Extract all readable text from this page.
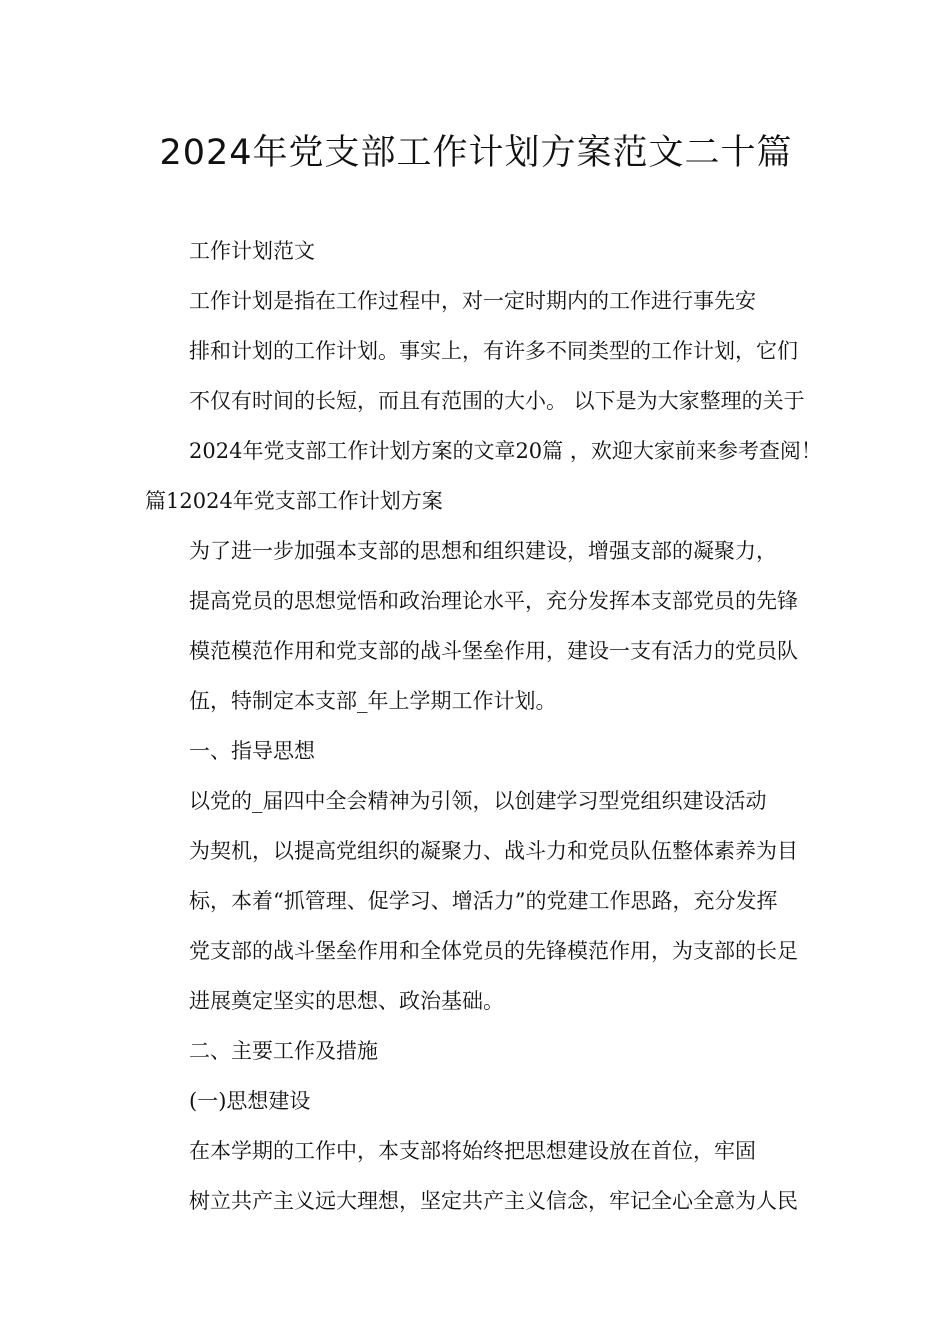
2024年党支部工作计划方案范文二十篇

工作计划范文

工作计划是指在工作过程中，对一定时期内的工作进行事先安
排和计划的工作计划。事实上，有许多不同类型的工作计划，它们
不仅有时间的长短，而且有范围的大小。 以下是为大家整理的关于
2024年党支部工作计划方案的文章20篇 ，欢迎大家前来参考查阅！

篇12024年党支部工作计划方案

为了进一步加强本支部的思想和组织建设，增强支部的凝聚力，
提高党员的思想觉悟和政治理论水平，充分发挥本支部党员的先锋
模范模范作用和党支部的战斗堡垒作用，建设一支有活力的党员队
伍，特制定本支部_年上学期工作计划。

一、指导思想

以党的_届四中全会精神为引领，以创建学习型党组织建设活动
为契机，以提高党组织的凝聚力、战斗力和党员队伍整体素养为目
标，本着“抓管理、促学习、增活力”的党建工作思路，充分发挥
党支部的战斗堡垒作用和全体党员的先锋模范作用，为支部的长足
进展奠定坚实的思想、政治基础。

二、主要工作及措施

(一)思想建设

在本学期的工作中，本支部将始终把思想建设放在首位，牢固
树立共产主义远大理想，坚定共产主义信念，牢记全心全意为人民
